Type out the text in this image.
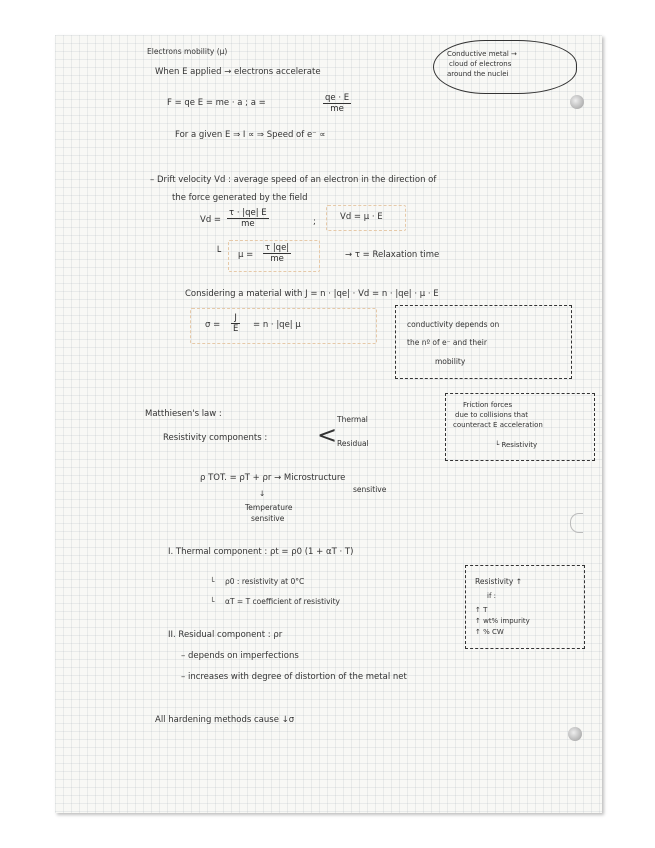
Electrons mobility (μ)
When E applied → electrons accelerate
Conductive metal →
cloud of electrons
around the nuclei
F = qe E = me · a ; a =	$\frac{qe \cdot E}{me}$
For a given E ⇒ I ∝ ⇒ Speed of e⁻ ∝
– Drift velocity Vd : average speed of an electron in the direction of
the force generated by the field
$Vd = \frac{\tau \cdot |qe| E}{me}$	;	Vd = μ · E
└ $\mu = \frac{\tau |qe|}{me}$	→ τ = Relaxation time
Considering a material with J = n · |qe| · Vd = n · |qe| · μ · E
$\sigma = \frac{J}{E} = n \cdot |qe|$ μ	conductivity depends on
the nº of e⁻ and their
mobility
Matthiesen's law :
Resistivity components : <
Thermal
Residual
Friction forces
due to collisions that
counteract E acceleration
└ Resistivity
ρ TOT. = ρT + ρr → Microstructure
sensitive
↓
Temperature
sensitive
I. Thermal component : ρt = ρ0 (1 + αT · T)
└ ρ0 : resistivity at 0°C
└ αT = T coefficient of resistivity
Resistivity ↑
if :
↑ T
↑ wt% impurity
↑ % CW
II. Residual component : ρr
– depends on imperfections
– increases with degree of distortion of the metal net
All hardening methods cause ↓σ
